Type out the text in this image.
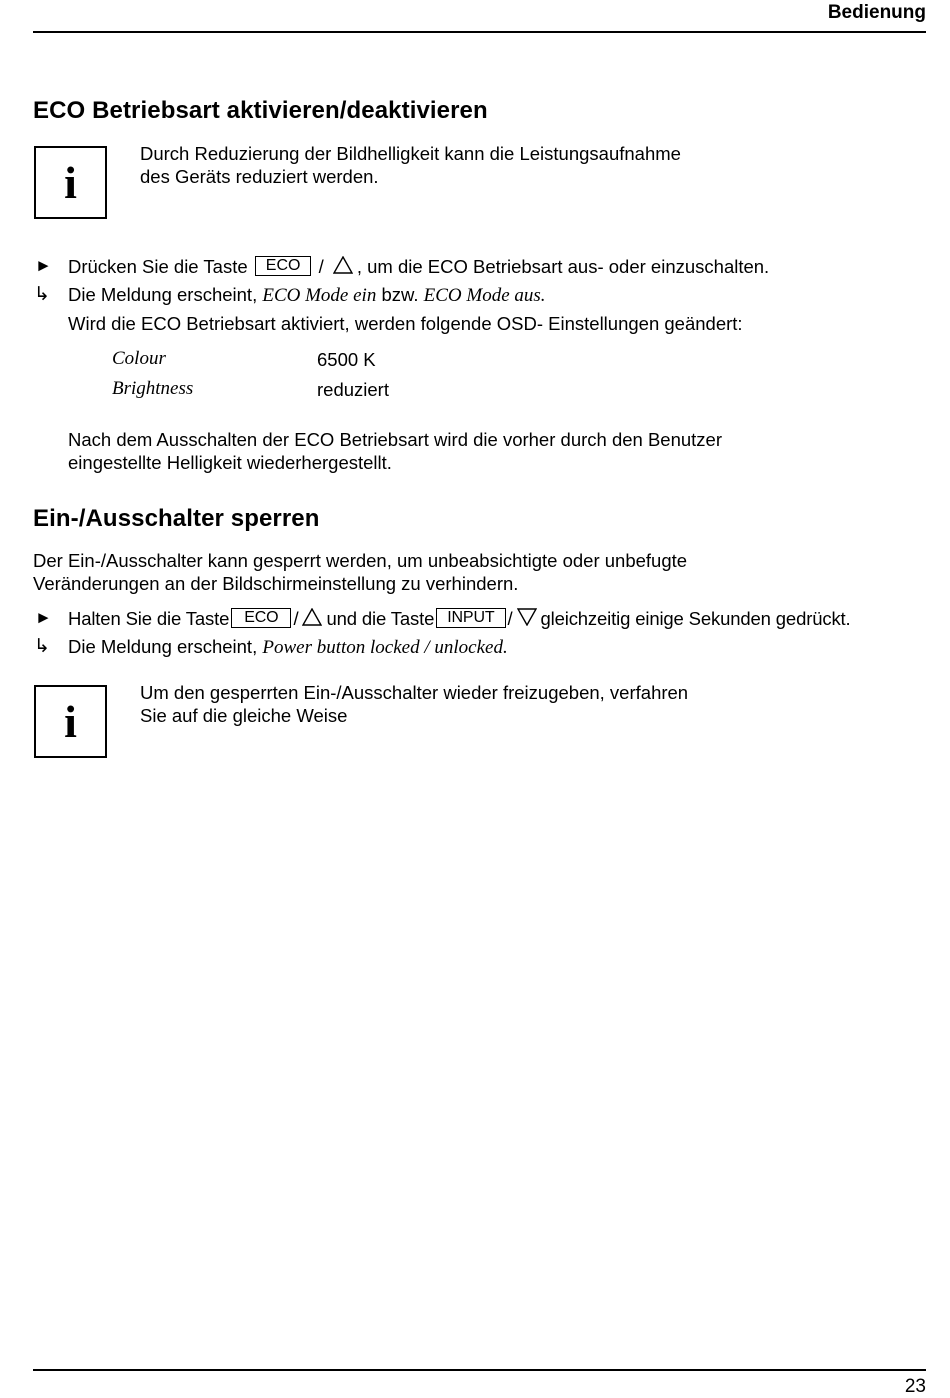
Bedienung
ECO Betriebsart aktivieren/deaktivieren
i
Durch Reduzierung der Bildhelligkeit kann die Leistungsaufnahme
des Geräts reduziert werden.
► Drücken Sie die Taste ECO / , um die ECO Betriebsart aus- oder einzuschalten.
↳ Die Meldung erscheint, ECO Mode ein bzw. ECO Mode aus.
Wird die ECO Betriebsart aktiviert, werden folgende OSD- Einstellungen geändert:
Colour	6500 K
Brightness	reduziert
Nach dem Ausschalten der ECO Betriebsart wird die vorher durch den Benutzer
eingestellte Helligkeit wiederhergestellt.
Ein-/Ausschalter sperren
Der Ein-/Ausschalter kann gesperrt werden, um unbeabsichtigte oder unbefugte
Veränderungen an der Bildschirmeinstellung zu verhindern.
► Halten Sie die Taste ECO / und die Taste INPUT / gleichzeitig einige Sekunden gedrückt.
↳ Die Meldung erscheint, Power button locked / unlocked.
i
Um den gesperrten Ein-/Ausschalter wieder freizugeben, verfahren
Sie auf die gleiche Weise
23
